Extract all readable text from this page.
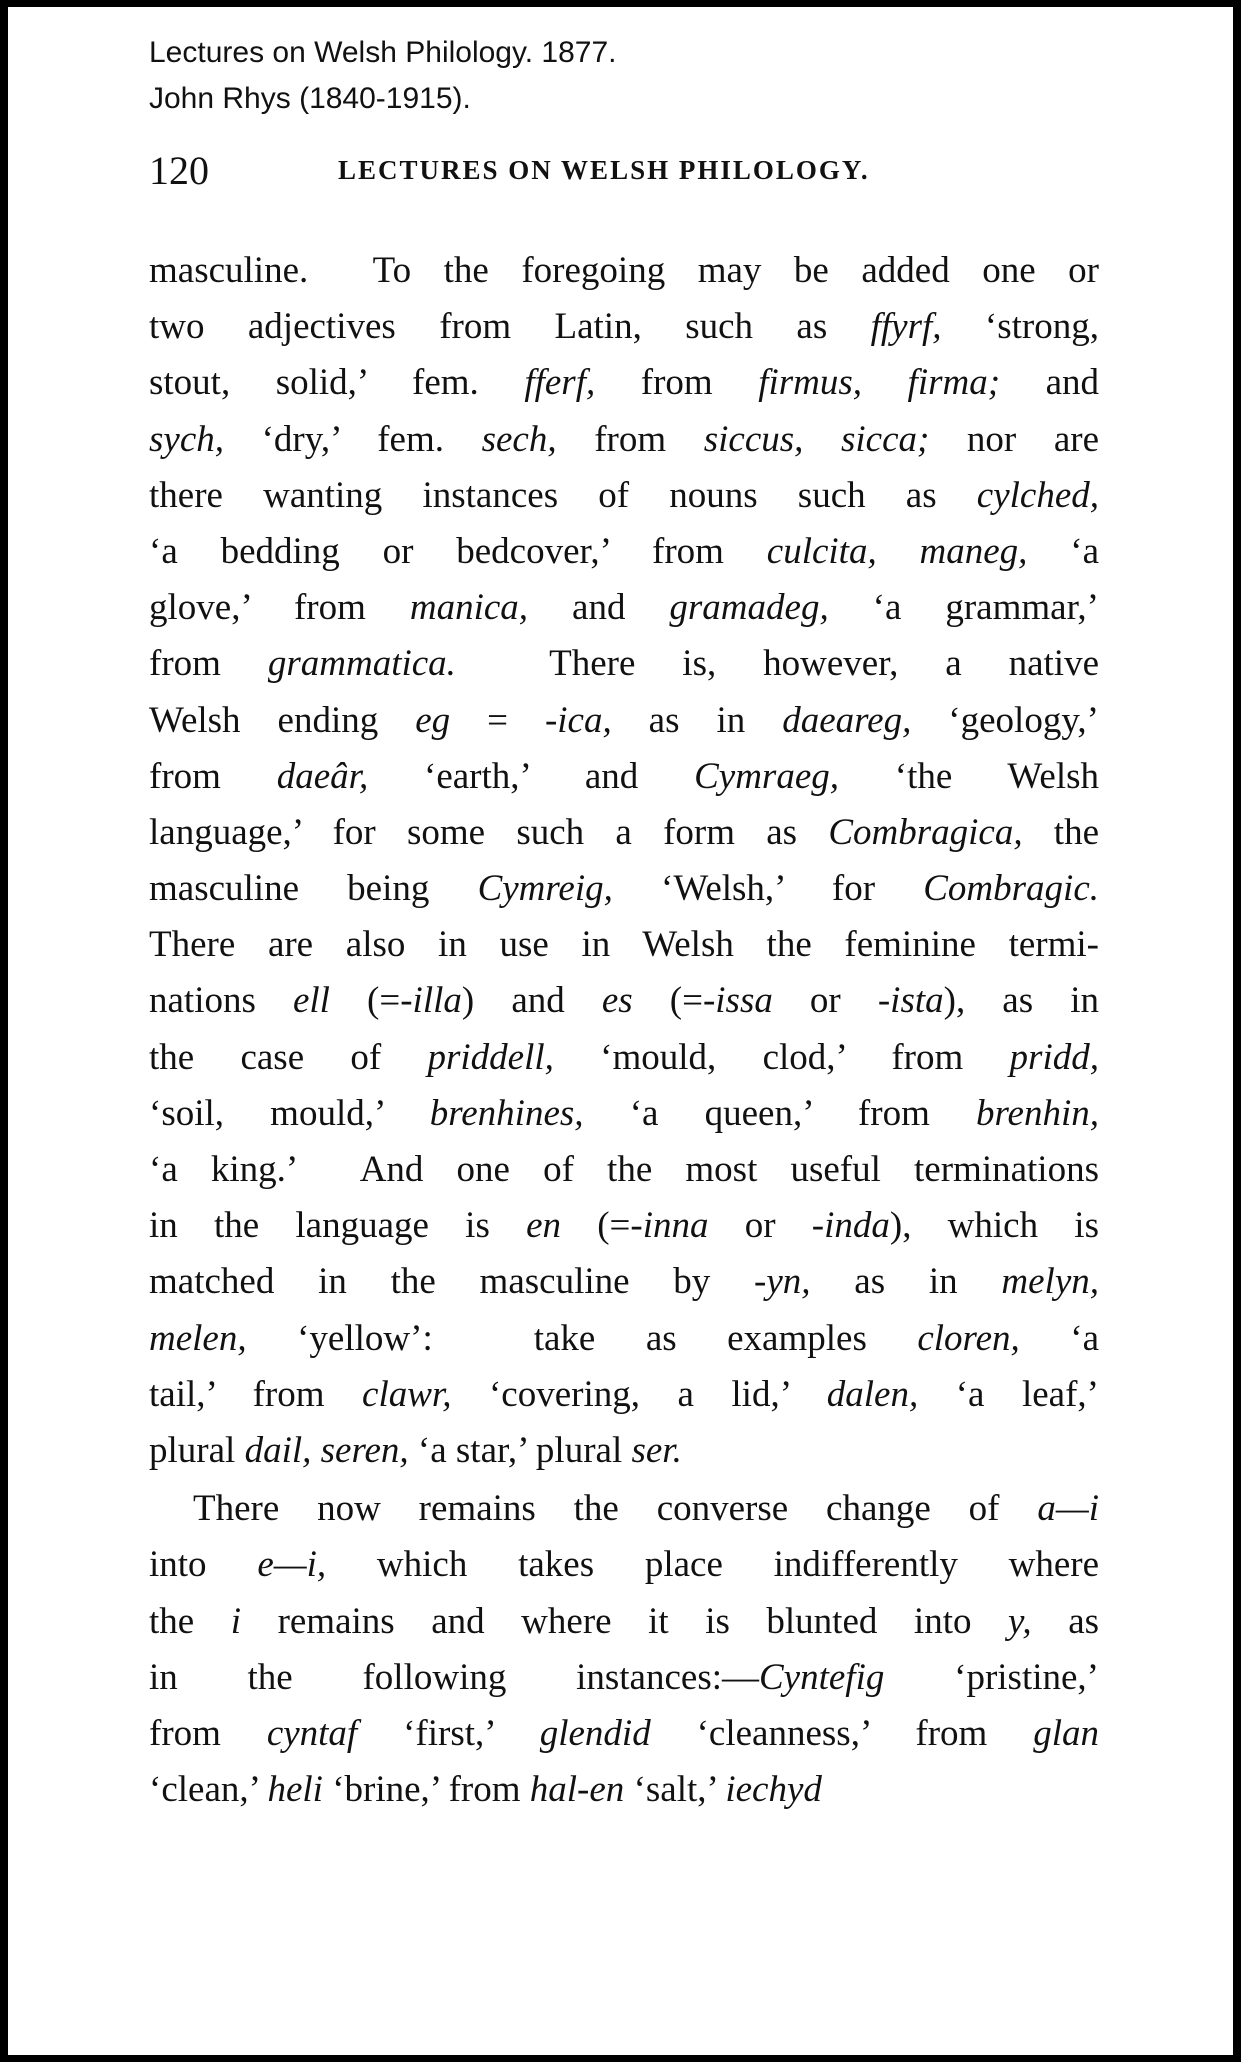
Lectures on Welsh Philology. 1877.
John Rhys (1840-1915).
120	LECTURES ON WELSH PHILOLOGY.
masculine.  To the foregoing may be added one or
two adjectives from Latin, such as ffyrf, ‘strong,
stout, solid,’ fem. fferf, from firmus, firma; and
sych, ‘dry,’ fem. sech, from siccus, sicca; nor are
there wanting instances of nouns such as cylched,
‘a bedding or bedcover,’ from culcita, maneg, ‘a
glove,’ from manica, and gramadeg, ‘a grammar,’
from grammatica.  There is, however, a native
Welsh ending eg = -ica, as in daeareg, ‘geology,’
from daeâr, ‘earth,’ and Cymraeg, ‘the Welsh
language,’ for some such a form as Combragica, the
masculine being Cymreig, ‘Welsh,’ for Combragic.
There are also in use in Welsh the feminine termi-
nations ell (=-illa) and es (=-issa or -ista), as in
the case of priddell, ‘mould, clod,’ from pridd,
‘soil, mould,’ brenhines, ‘a queen,’ from brenhin,
‘a king.’  And one of the most useful terminations
in the language is en (=-inna or -inda), which is
matched in the masculine by -yn, as in melyn,
melen, ‘yellow’:  take as examples cloren, ‘a
tail,’ from clawr, ‘covering, a lid,’ dalen, ‘a leaf,’
plural dail, seren, ‘a star,’ plural ser.
There now remains the converse change of a—i
into e—i, which takes place indifferently where
the i remains and where it is blunted into y, as
in the following instances:—Cyntefig ‘pristine,’
from cyntaf ‘first,’ glendid ‘cleanness,’ from glan
‘clean,’ heli ‘brine,’ from hal-en ‘salt,’ iechyd
